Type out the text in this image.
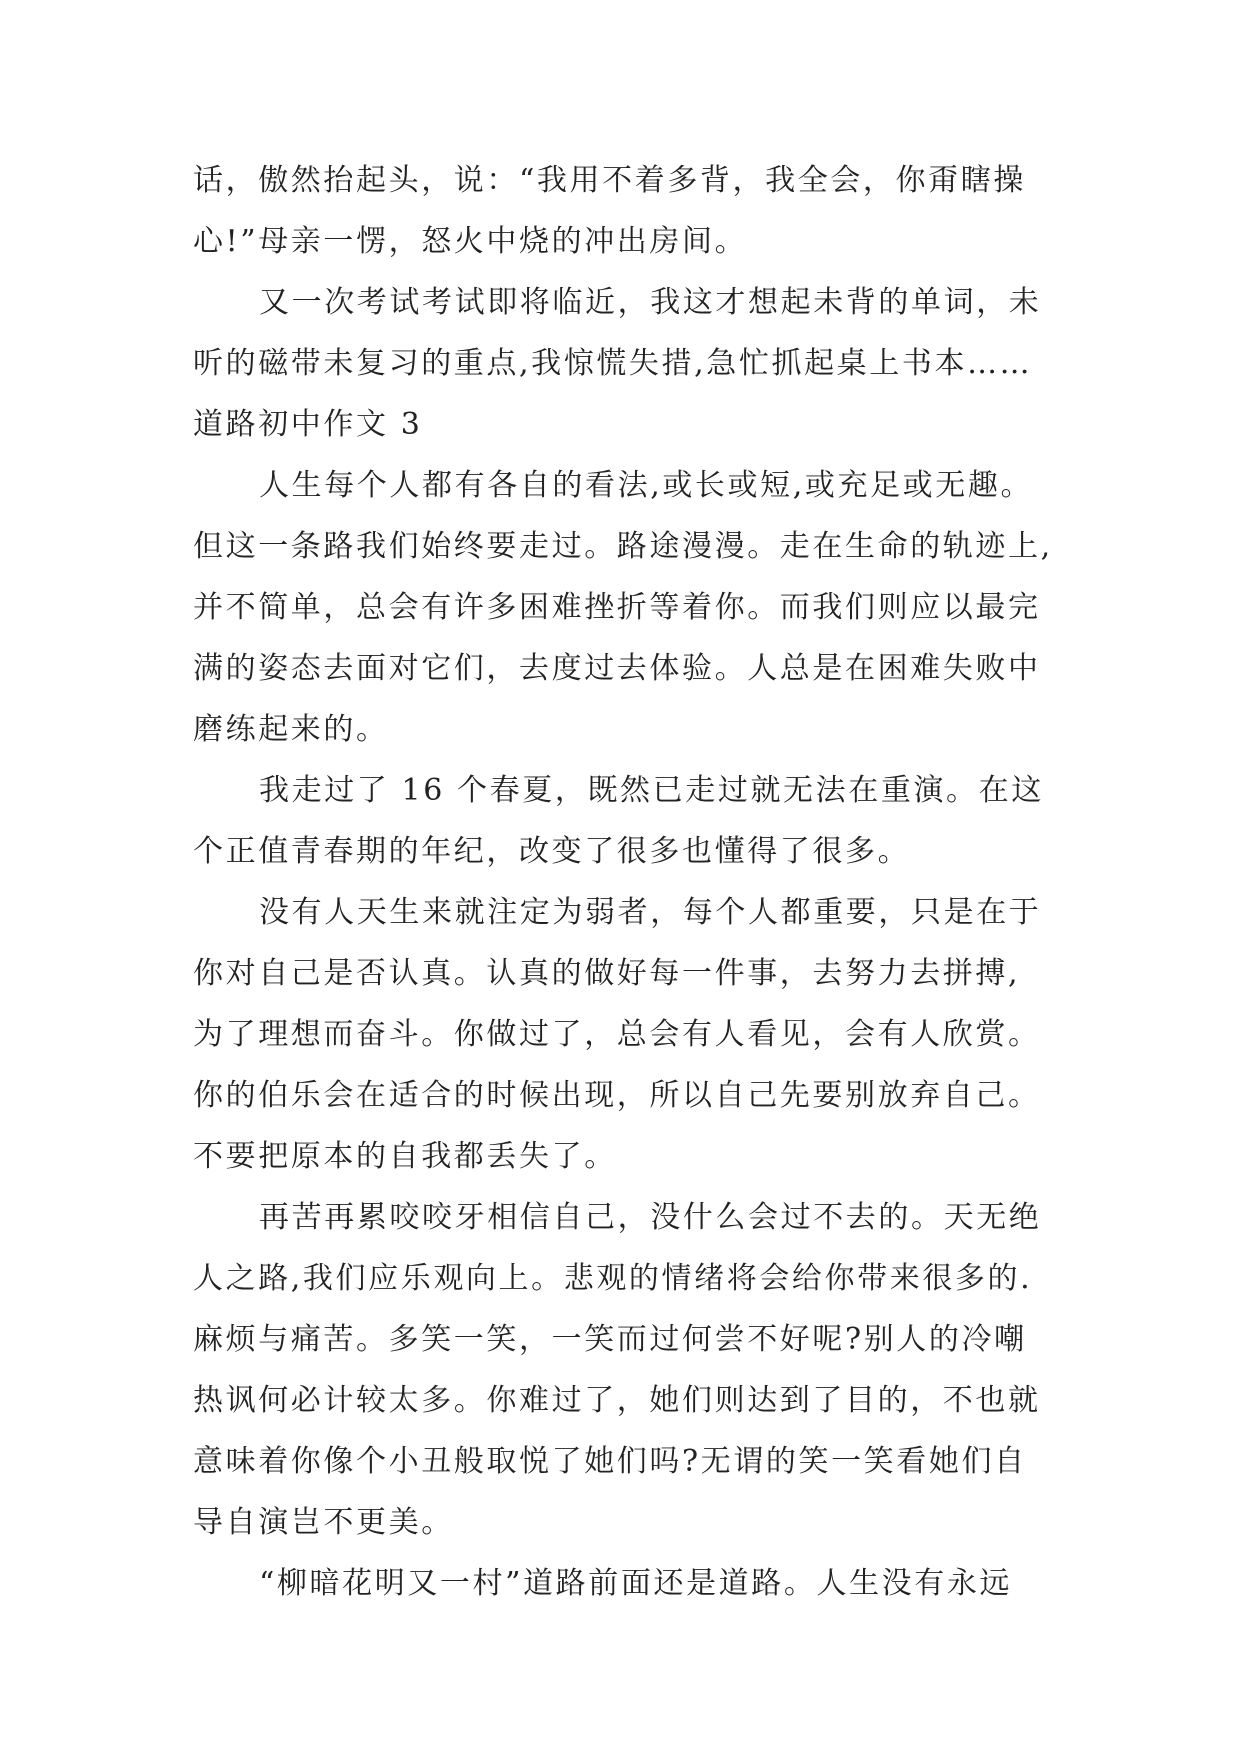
话，傲然抬起头，说：“我用不着多背，我全会，你甭瞎操
心!”母亲一愣，怒火中烧的冲出房间。
又一次考试考试即将临近，我这才想起未背的单词，未
听的磁带未复习的重点,我惊慌失措,急忙抓起桌上书本……
道路初中作文 3
人生每个人都有各自的看法,或长或短,或充足或无趣。
但这一条路我们始终要走过。路途漫漫。走在生命的轨迹上,
并不简单，总会有许多困难挫折等着你。而我们则应以最完
满的姿态去面对它们，去度过去体验。人总是在困难失败中
磨练起来的。
我走过了 16 个春夏，既然已走过就无法在重演。在这
个正值青春期的年纪，改变了很多也懂得了很多。
没有人天生来就注定为弱者，每个人都重要，只是在于
你对自己是否认真。认真的做好每一件事，去努力去拼搏,
为了理想而奋斗。你做过了，总会有人看见，会有人欣赏。
你的伯乐会在适合的时候出现，所以自己先要别放弃自己。
不要把原本的自我都丢失了。
再苦再累咬咬牙相信自己，没什么会过不去的。天无绝
人之路,我们应乐观向上。悲观的情绪将会给你带来很多的.
麻烦与痛苦。多笑一笑，一笑而过何尝不好呢?别人的冷嘲
热讽何必计较太多。你难过了，她们则达到了目的，不也就
意味着你像个小丑般取悦了她们吗?无谓的笑一笑看她们自
导自演岂不更美。
“柳暗花明又一村”道路前面还是道路。人生没有永远
